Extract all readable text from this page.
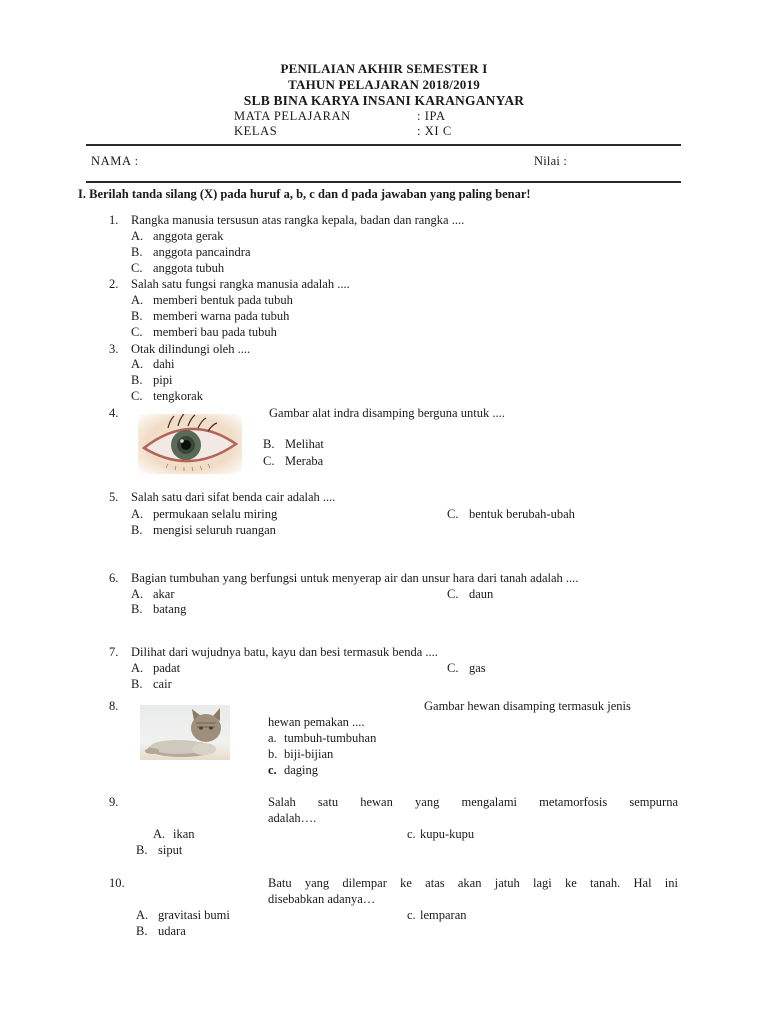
PENILAIAN AKHIR SEMESTER I
TAHUN PELAJARAN 2018/2019
SLB BINA KARYA INSANI KARANGANYAR
MATA PELAJARAN	: IPA
KELAS	: XI C
NAMA :	Nilai :
I. Berilah tanda silang (X) pada huruf a, b, c dan d pada jawaban yang paling benar!
1. Rangka manusia tersusun atas rangka kepala, badan dan rangka ....
A. anggota gerak
B. anggota pancaindra
C. anggota tubuh
2. Salah satu fungsi rangka manusia adalah ....
A. memberi bentuk pada tubuh
B. memberi warna pada tubuh
C. memberi bau pada tubuh
3. Otak dilindungi oleh ....
A. dahi
B. pipi
C. tengkorak
4.	Gambar alat indra disamping berguna untuk ....
B. Melihat
C. Meraba
5. Salah satu dari sifat benda cair adalah ....
A. permukaan selalu miring
B. mengisi seluruh ruangan
C. bentuk berubah-ubah
6. Bagian tumbuhan yang berfungsi untuk menyerap air dan unsur hara dari tanah adalah ....
A. akar
B. batang
C. daun
7. Dilihat dari wujudnya batu, kayu dan besi termasuk benda ....
A. padat
B. cair
C. gas
8.	Gambar hewan disamping termasuk jenis
hewan pemakan ....
a. tumbuh-tumbuhan
b. biji-bijian
c. daging
9.	Salah satu hewan yang mengalami metamorfosis sempurna
adalah….
A. ikan
B. siput
c. kupu-kupu
10.	Batu yang dilempar ke atas akan jatuh lagi ke tanah. Hal ini
disebabkan adanya…
A. gravitasi bumi
B. udara
c. lemparan
